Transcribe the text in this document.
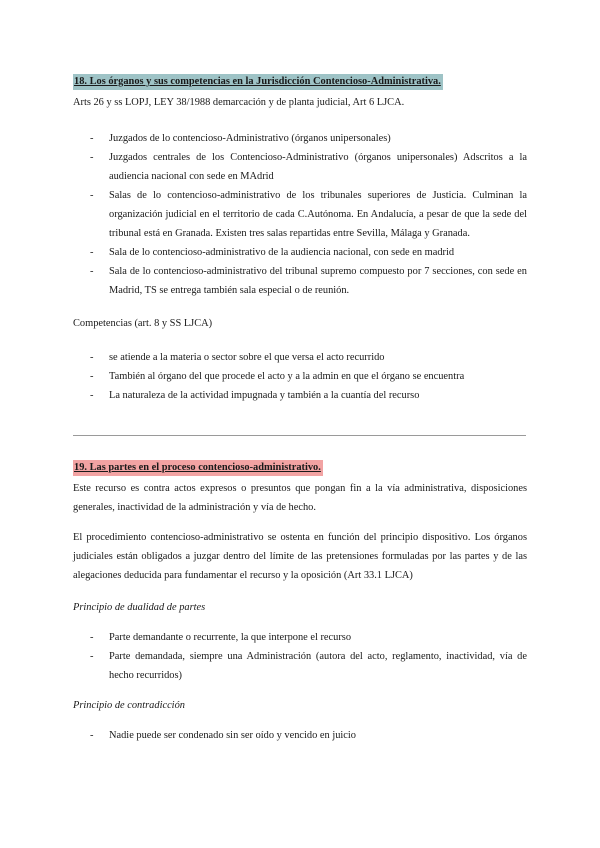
18. Los órganos y sus competencias en la Jurisdicción Contencioso-Administrativa.

Arts 26 y ss LOPJ, LEY 38/1988 demarcación y de planta judicial, Art 6 LJCA.

- Juzgados de lo contencioso-Administrativo (órganos unipersonales)
- Juzgados centrales de los Contencioso-Administrativo (órganos unipersonales) Adscritos a la audiencia nacional con sede en MAdrid
- Salas de lo contencioso-administrativo de los tribunales superiores de Justicia. Culminan la organización judicial en el territorio de cada C.Autónoma. En Andalucía, a pesar de que la sede del tribunal está en Granada. Existen tres salas repartidas entre Sevilla, Málaga y Granada.
- Sala de lo contencioso-administrativo de la audiencia nacional, con sede en madrid
- Sala de lo contencioso-administrativo del tribunal supremo compuesto por 7 secciones, con sede en Madrid, TS se entrega también sala especial o de reunión.

Competencias (art. 8 y SS LJCA)

- se atiende a la materia o sector sobre el que versa el acto recurrido
- También al órgano del que procede el acto y a la admin en que el órgano se encuentra
- La naturaleza de la actividad impugnada y también a la cuantía del recurso
19. Las partes en el proceso contencioso-administrativo.

Este recurso es contra actos expresos o presuntos que pongan fin a la vía administrativa, disposiciones generales, inactividad de la administración y vía de hecho.

El procedimiento contencioso-administrativo se ostenta en función del principio dispositivo. Los órganos judiciales están obligados a juzgar dentro del límite de las pretensiones formuladas por las partes y de las alegaciones deducida para fundamentar el recurso y la oposición (Art 33.1 LJCA)

Principio de dualidad de partes

- Parte demandante o recurrente, la que interpone el recurso
- Parte demandada, siempre una Administración (autora del acto, reglamento, inactividad, vía de hecho recurridos)

Principio de contradicción

- Nadie puede ser condenado sin ser oído y vencido en juicio
